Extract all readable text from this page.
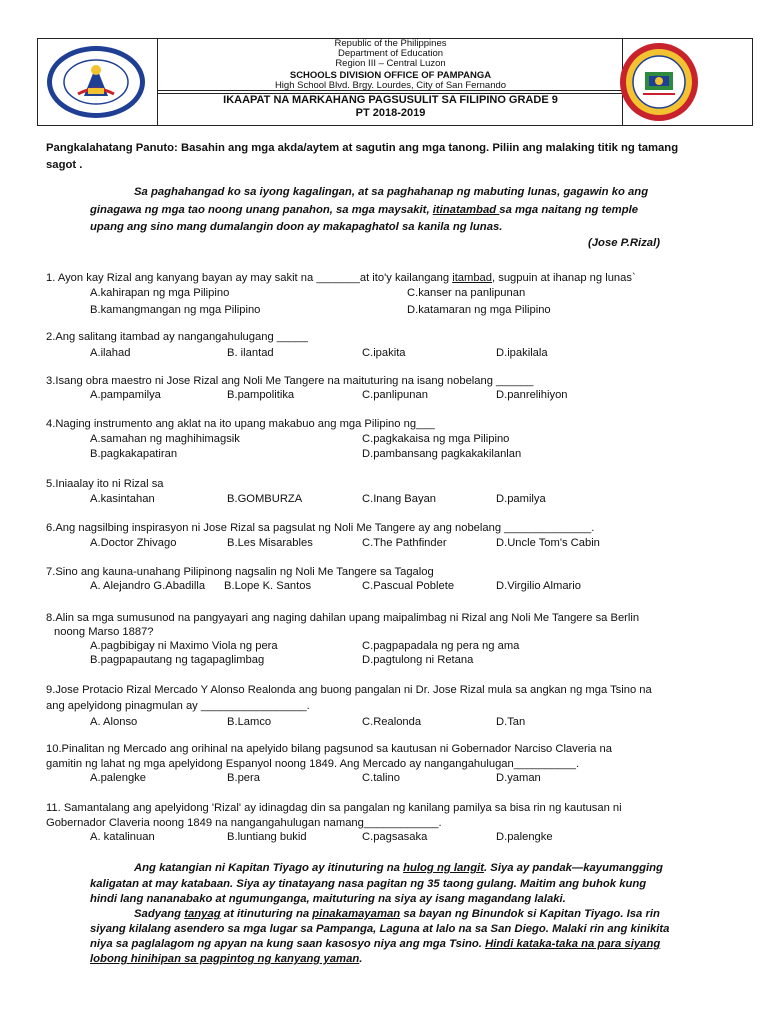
Republic of the Philippines
Department of Education
Region III – Central Luzon
SCHOOLS DIVISION OFFICE OF PAMPANGA
High School Blvd. Brgy. Lourdes, City of San Fernando
IKAAPAT NA MARKAHANG PAGSUSULIT SA FILIPINO GRADE 9
PT 2018-2019
Pangkalahatang Panuto: Basahin ang mga akda/aytem at sagutin ang mga tanong. Piliin ang malaking titik ng tamang
sagot .
Sa paghahangad ko sa iyong kagalingan, at sa paghahanap ng mabuting lunas, gagawin ko ang
ginagawa ng mga tao noong unang panahon, sa mga maysakit, itinatambad sa mga naitang ng temple
upang ang sino mang dumalangin doon ay makapaghatol sa kanila ng lunas.
(Jose P.Rizal)
1. Ayon kay Rizal ang kanyang bayan ay may sakit na _______at ito'y kailangang itambad, sugpuin at ihanap ng lunas`
A.kahirapan ng mga Pilipino	C.kanser na panlipunan
B.kamangmangan ng mga Pilipino	D.katamaran ng mga Pilipino
2.Ang salitang itambad ay nangangahulugang _____
A.ilahad	B. ilantad	C.ipakita	D.ipakilala
3.Isang obra maestro ni Jose Rizal ang Noli Me Tangere na maituturing na isang nobelang ______
A.pampamilya	B.pampolitika	C.panlipunan	D.panrelihiyon
4.Naging instrumento ang aklat na ito upang makabuo ang mga Pilipino ng___
A.samahan ng maghihimagsik	C.pagkakaisa ng mga Pilipino
B.pagkakapatiran	D.pambansang pagkakakilanlan
5.Iniaalay ito ni Rizal sa
A.kasintahan	B.GOMBURZA	C.Inang Bayan	D.pamilya
6.Ang nagsilbing inspirasyon ni Jose Rizal sa pagsulat ng Noli Me Tangere ay ang nobelang ______________.
A.Doctor Zhivago	B.Les Misarables	C.The Pathfinder	D.Uncle Tom's Cabin
7.Sino ang kauna-unahang Pilipinong nagsalin ng Noli Me Tangere sa Tagalog
A. Alejandro G.Abadilla B.Lope K. Santos	C.Pascual Poblete	D.Virgilio Almario
8.Alin sa mga sumusunod na pangyayari ang naging dahilan upang maipalimbag ni Rizal ang Noli Me Tangere sa Berlin
noong Marso 1887?
A.pagbibigay ni Maximo Viola ng pera	C.pagpapadala ng pera ng ama
B.pagpapautang ng tagapaglimbag	D.pagtulong ni Retana
9.Jose Protacio Rizal Mercado Y Alonso Realonda ang buong pangalan ni Dr. Jose Rizal mula sa angkan ng mga Tsino na
ang apelyidong pinagmulan ay _________________.
A. Alonso	B.Lamco	C.Realonda	D.Tan
10.Pinalitan ng Mercado ang orihinal na apelyido bilang pagsunod sa kautusan ni Gobernador Narciso Claveria na
gamitin ng lahat ng mga apelyidong Espanyol noong 1849. Ang Mercado ay nangangahulugan__________.
A.palengke	B.pera	C.talino	D.yaman
11. Samantalang ang apelyidong 'Rizal' ay idinagdag din sa pangalan ng kanilang pamilya sa bisa rin ng kautusan ni
Gobernador Claveria noong 1849 na nangangahulugan namang____________.
A. katalinuan	B.luntiang bukid	C.pagsasaka	D.palengke
Ang katangian ni Kapitan Tiyago ay itinuturing na hulog ng langit. Siya ay pandak—kayumangging
kaligatan at may katabaan. Siya ay tinatayang nasa pagitan ng 35 taong gulang. Maitim ang buhok kung
hindi lang nananabako at ngumunganga, maituturing na siya ay isang magandang lalaki.
Sadyang tanyag at itinuturing na pinakamayaman sa bayan ng Binundok si Kapitan Tiyago. Isa rin
siyang kilalang asendero sa mga lugar sa Pampanga, Laguna at lalo na sa San Diego. Malaki rin ang kinikita
niya sa paglalagom ng apyan na kung saan kasosyo niya ang mga Tsino. Hindi kataka-taka na para siyang
lobong hinihipan sa pagpintog ng kanyang yaman.
